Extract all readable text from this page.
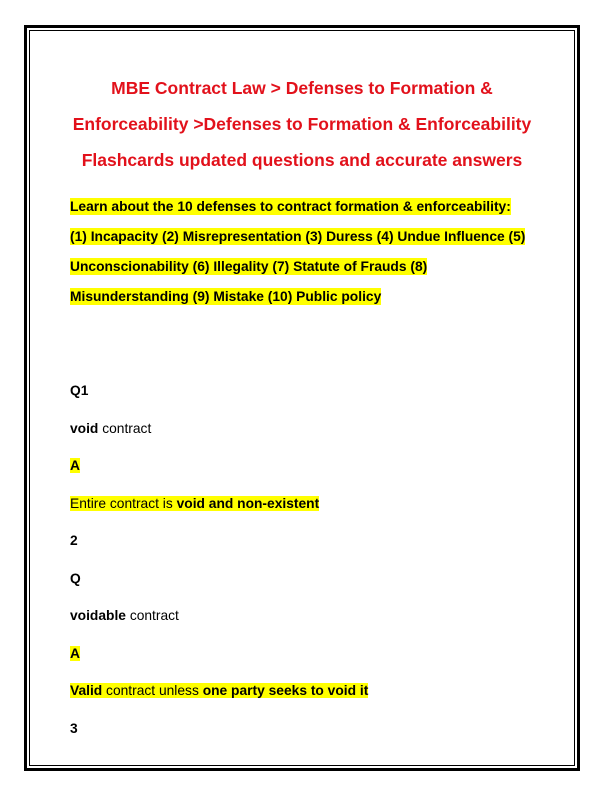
MBE Contract Law > Defenses to Formation &
Enforceability >Defenses to Formation & Enforceability
Flashcards updated questions and accurate answers
Learn about the 10 defenses to contract formation & enforceability:
(1) Incapacity (2) Misrepresentation (3) Duress (4) Undue Influence (5)
Unconscionability (6) Illegality (7) Statute of Frauds (8)
Misunderstanding (9) Mistake (10) Public policy
Q1
void contract
A
Entire contract is void and non-existent
2
Q
voidable contract
A
Valid contract unless one party seeks to void it
3
